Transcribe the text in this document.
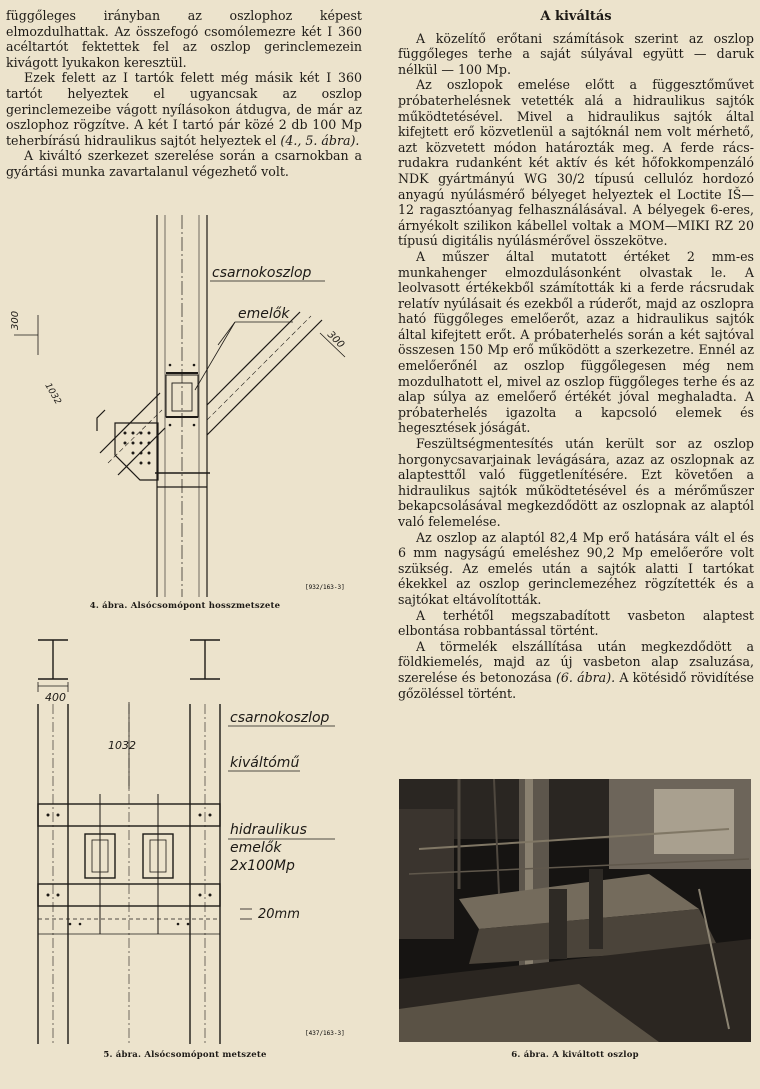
függőleges irányban az oszlophoz képest elmozdulhattak. Az összefogó csomólemezre két I 360 acéltartót fektettek fel az oszlop gerinclemezein kivágott lyukakon keresztül.

Ezek felett az I tartók felett még másik két I 360 tartót helyeztek el ugyancsak az oszlop gerinclemezeibe vágott nyílásokon átdugva, de már az oszlophoz rögzítve. A két I tartó pár közé 2 db 100 Mp teherbírású hidraulikus sajtót helyeztek el (4., 5. ábra).

A kiváltó szerkezet szerelése során a csarnokban a gyártási munka zavartalanul végezhető volt.

csarnokoszlop
emelők
300
300
1032
[932/163-3]
4. ábra. Alsócsomópont hosszmetszete
400
1032
csarnokoszlop
kiváltómű
hidraulikus
emelők
2x100Mp
20mm
[437/163-3]
5. ábra. Alsócsomópont metszete
A kiváltás

A közelítő erőtani számítások szerint az oszlop függőleges terhe a saját súlyával együtt — daruk nélkül — 100 Mp.

Az oszlopok emelése előtt a függesztőművet próbaterhelésnek vetették alá a hidraulikus sajtók működtetésével. Mivel a hidraulikus sajtók által kifejtett erő közvetlenül a sajtóknál nem volt mérhető, azt közvetett módon határozták meg. A ferde rács-rudakra rudanként két aktív és két hőfokkompenzáló NDK gyártmányú WG 30/2 típusú cellulóz hordozó anyagú nyúlásmérő bélyeget helyeztek el Loctite IŠ—12 ragasztóanyag felhasználásával. A bélyegek 6-eres, árnyékolt szilikon kábellel voltak a MOM—MIKI RZ 20 típusú digitális nyúlásmérővel összekötve.

A műszer által mutatott értéket 2 mm-es munkahenger elmozdulásonként olvastak le. A leolvasott értékekből számították ki a ferde rácsrudak relatív nyúlásait és ezekből a rúderőt, majd az oszlopra ható függőleges emelőerőt, azaz a hidraulikus sajtók által kifejtett erőt. A próbaterhelés során a két sajtóval összesen 150 Mp erő működött a szerkezetre. Ennél az emelőerőnél az oszlop függőlegesen még nem mozdulhatott el, mivel az oszlop függőleges terhe és az alap súlya az emelőerő értékét jóval meghaladta. A próbaterhelés igazolta a kapcsoló elemek és hegesztések jóságát.

Feszültségmentesítés után került sor az oszlop horgonycsavarjainak levágására, azaz az oszlopnak az alaptesttől való függetlenítésére. Ezt követően a hidraulikus sajtók működtetésével és a mérőműszer bekapcsolásával megkezdődött az oszlopnak az alaptól való felemelése.

Az oszlop az alaptól 82,4 Mp erő hatására vált el és 6 mm nagyságú emeléshez 90,2 Mp emelőerőre volt szükség. Az emelés után a sajtók alatti I tartókat ékekkel az oszlop gerinclemezéhez rögzítették és a sajtókat eltávolították.

A terhétől megszabadított vasbeton alaptest elbontása robbantással történt.

A törmelék elszállítása után megkezdődött a földkiemelés, majd az új vasbeton alap zsaluzása, szerelése és betonozása (6. ábra). A kötésidő rövidítése gőzöléssel történt.

6. ábra. A kiváltott oszlop
